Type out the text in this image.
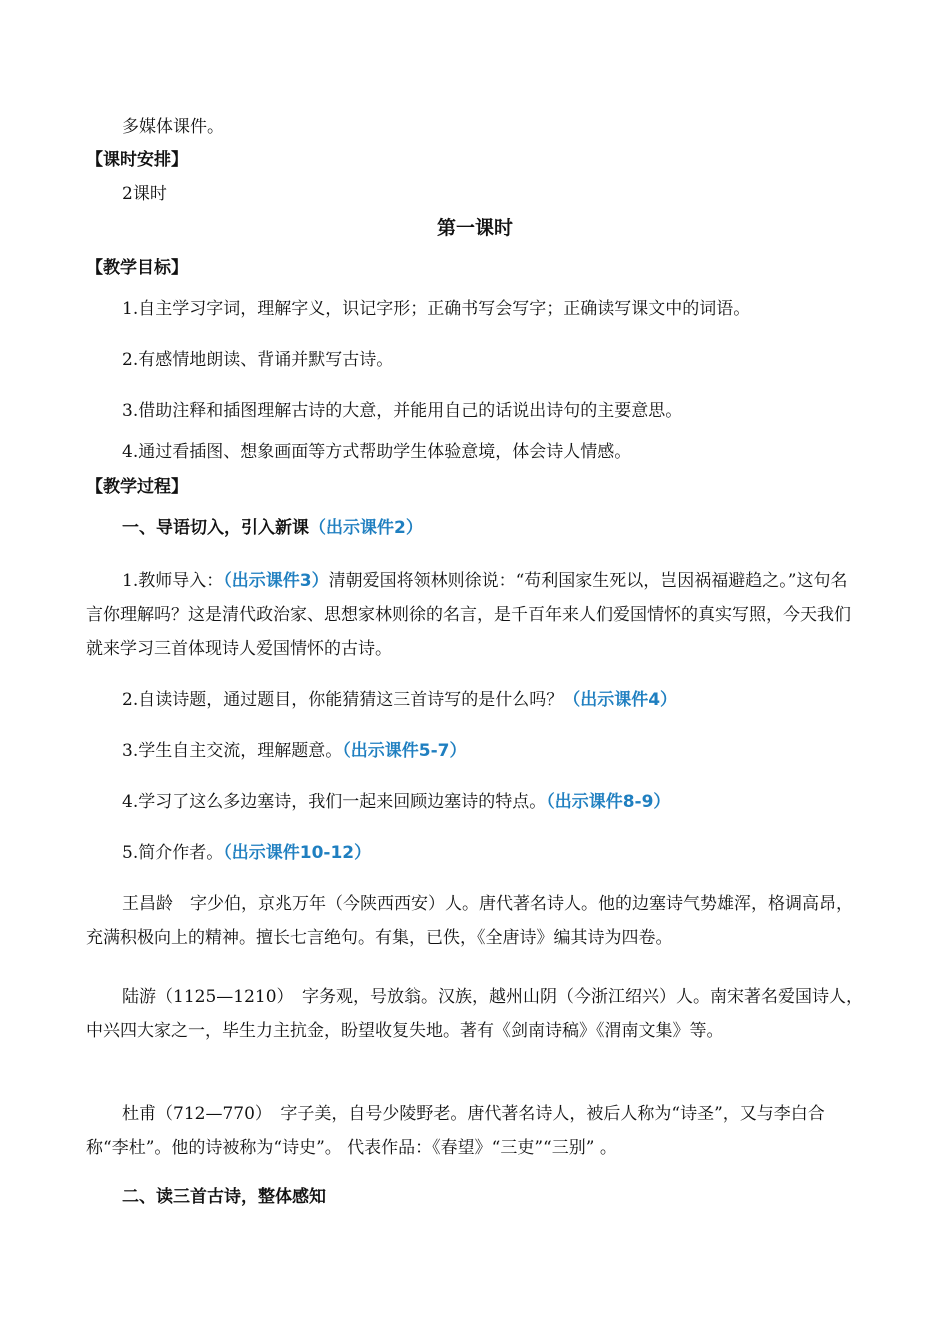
多媒体课件。
【课时安排】
2课时
第一课时
【教学目标】
1.自主学习字词，理解字义，识记字形；正确书写会写字；正确读写课文中的词语。
2.有感情地朗读、背诵并默写古诗。
3.借助注释和插图理解古诗的大意，并能用自己的话说出诗句的主要意思。
4.通过看插图、想象画面等方式帮助学生体验意境，体会诗人情感。
【教学过程】
一、导语切入，引入新课（出示课件2）
1.教师导入：（出示课件3）清朝爱国将领林则徐说：“苟利国家生死以，岂因祸福避趋之。”这句名言你理解吗？这是清代政治家、思想家林则徐的名言，是千百年来人们爱国情怀的真实写照，今天我们就来学习三首体现诗人爱国情怀的古诗。
2.自读诗题，通过题目，你能猜猜这三首诗写的是什么吗？（出示课件4）
3.学生自主交流，理解题意。（出示课件5-7）
4.学习了这么多边塞诗，我们一起来回顾边塞诗的特点。（出示课件8-9）
5.简介作者。（出示课件10-12）
王昌龄　字少伯，京兆万年（今陕西西安）人。唐代著名诗人。他的边塞诗气势雄浑，格调高昂，充满积极向上的精神。擅长七言绝句。有集，已佚，《全唐诗》编其诗为四卷。
陆游（1125—1210）　字务观，号放翁。汉族，越州山阴（今浙江绍兴）人。南宋著名爱国诗人，中兴四大家之一，毕生力主抗金，盼望收复失地。著有《剑南诗稿》《渭南文集》等。
杜甫（712—770）　字子美，自号少陵野老。唐代著名诗人，被后人称为“诗圣”，又与李白合称“李杜”。他的诗被称为“诗史”。 代表作品：《春望》“三吏”“三别” 。
二、读三首古诗，整体感知
